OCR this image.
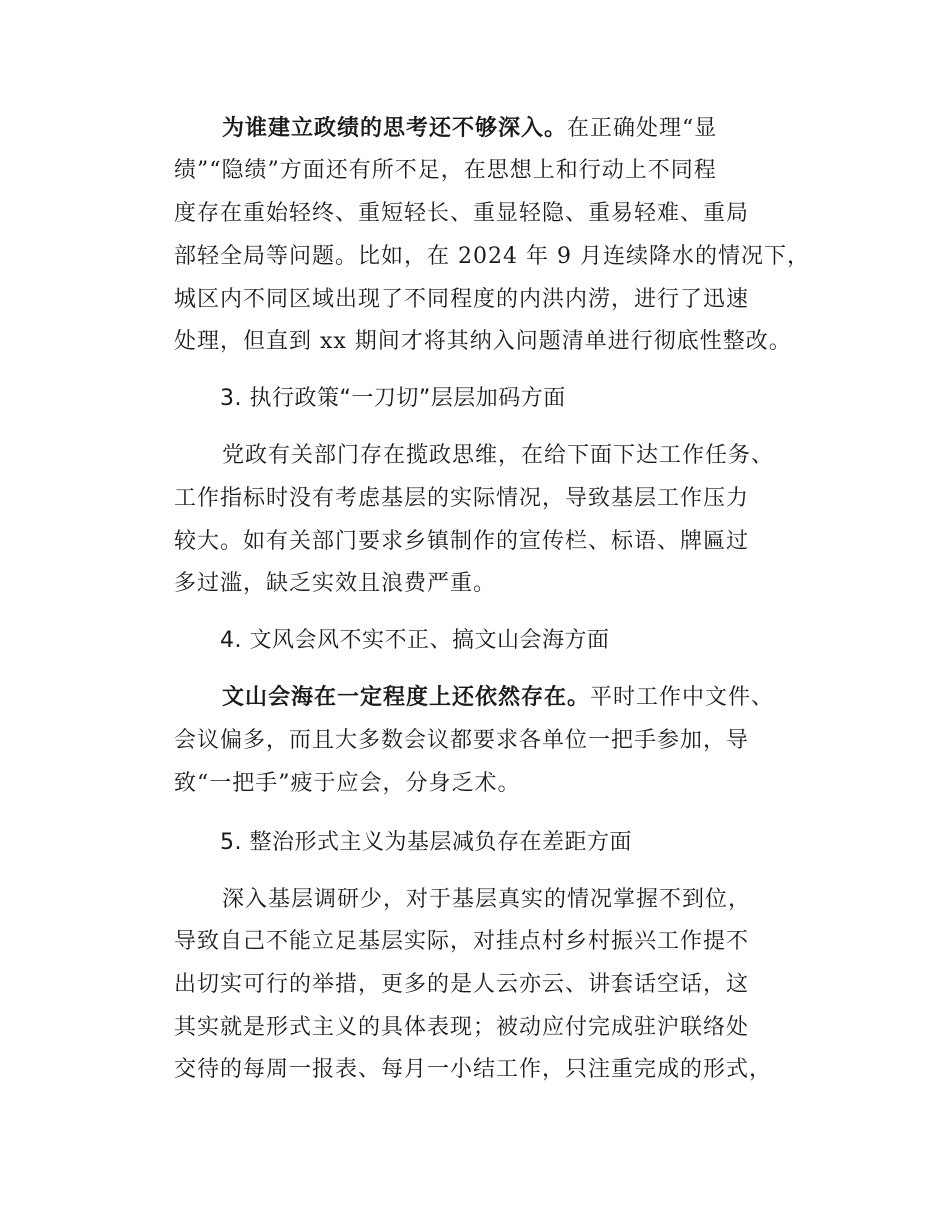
为谁建立政绩的思考还不够深入。在正确处理“显
绩”“隐绩”方面还有所不足，在思想上和行动上不同程
度存在重始轻终、重短轻长、重显轻隐、重易轻难、重局
部轻全局等问题。比如，在 2024 年 9 月连续降水的情况下，
城区内不同区域出现了不同程度的内洪内涝，进行了迅速
处理，但直到 xx 期间才将其纳入问题清单进行彻底性整改。
3. 执行政策“一刀切”层层加码方面
党政有关部门存在揽政思维，在给下面下达工作任务、
工作指标时没有考虑基层的实际情况，导致基层工作压力
较大。如有关部门要求乡镇制作的宣传栏、标语、牌匾过
多过滥，缺乏实效且浪费严重。
4. 文风会风不实不正、搞文山会海方面
文山会海在一定程度上还依然存在。平时工作中文件、
会议偏多，而且大多数会议都要求各单位一把手参加，导
致“一把手”疲于应会，分身乏术。
5. 整治形式主义为基层减负存在差距方面
深入基层调研少，对于基层真实的情况掌握不到位，
导致自己不能立足基层实际，对挂点村乡村振兴工作提不
出切实可行的举措，更多的是人云亦云、讲套话空话，这
其实就是形式主义的具体表现；被动应付完成驻沪联络处
交待的每周一报表、每月一小结工作，只注重完成的形式，
